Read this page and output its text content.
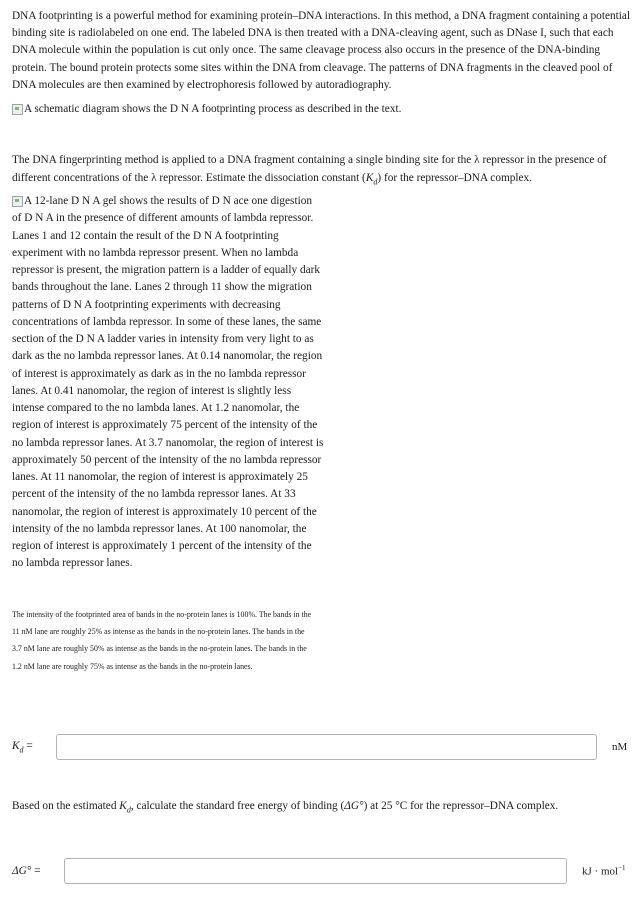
DNA footprinting is a powerful method for examining protein–DNA interactions. In this method, a DNA fragment containing a potential binding site is radiolabeled on one end. The labeled DNA is then treated with a DNA-cleaving agent, such as DNase I, such that each DNA molecule within the population is cut only once. The same cleavage process also occurs in the presence of the DNA-binding protein. The bound protein protects some sites within the DNA from cleavage. The patterns of DNA fragments in the cleaved pool of DNA molecules are then examined by electrophoresis followed by autoradiography.

A schematic diagram shows the D N A footprinting process as described in the text.

The DNA fingerprinting method is applied to a DNA fragment containing a single binding site for the λ repressor in the presence of different concentrations of the λ repressor. Estimate the dissociation constant $(K_d)$ for the repressor–DNA complex.

A 12-lane D N A gel shows the results of D N ace one digestion of D N A in the presence of different amounts of lambda repressor. Lanes 1 and 12 contain the result of the D N A footprinting experiment with no lambda repressor present. When no lambda repressor is present, the migration pattern is a ladder of equally dark bands throughout the lane. Lanes 2 through 11 show the migration patterns of D N A footprinting experiments with decreasing concentrations of lambda repressor. In some of these lanes, the same section of the D N A ladder varies in intensity from very light to as dark as the no lambda repressor lanes. At 0.14 nanomolar, the region of interest is approximately as dark as in the no lambda repressor lanes. At 0.41 nanomolar, the region of interest is slightly less intense compared to the no lambda lanes. At 1.2 nanomolar, the region of interest is approximately 75 percent of the intensity of the no lambda repressor lanes. At 3.7 nanomolar, the region of interest is approximately 50 percent of the intensity of the no lambda repressor lanes. At 11 nanomolar, the region of interest is approximately 25 percent of the intensity of the no lambda repressor lanes. At 33 nanomolar, the region of interest is approximately 10 percent of the intensity of the no lambda repressor lanes. At 100 nanomolar, the region of interest is approximately 1 percent of the intensity of the no lambda repressor lanes.
The intensity of the footprinted area of bands in the no-protein lanes is 100%. The bands in the 11 nM lane are roughly 25% as intense as the bands in the no-protein lanes. The bands in the 3.7 nM lane are roughly 50% as intense as the bands in the no-protein lanes. The bands in the 1.2 nM lane are roughly 75% as intense as the bands in the no-protein lanes.
$K_d$ =	nM

Based on the estimated $K_d$, calculate the standard free energy of binding (ΔG°) at 25 °C for the repressor–DNA complex.

ΔG° =	kJ · mol$^{-1}$
